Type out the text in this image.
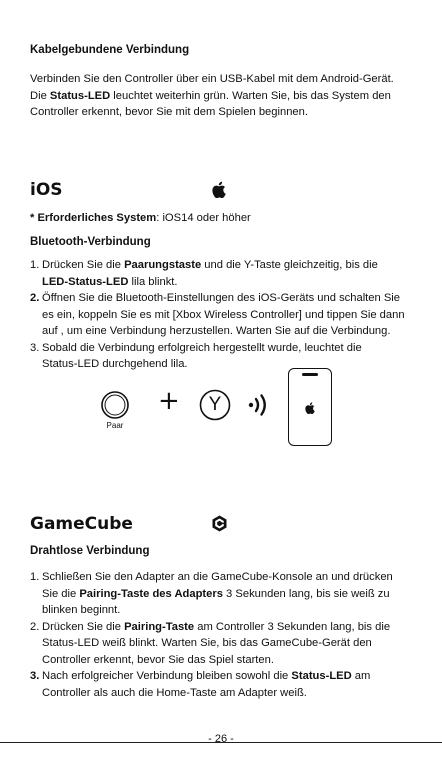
Kabelgebundene Verbindung
Verbinden Sie den Controller über ein USB-Kabel mit dem Android-Gerät.
Die Status-LED leuchtet weiterhin grün. Warten Sie, bis das System den
Controller erkennt, bevor Sie mit dem Spielen beginnen.
iOS
* Erforderliches System: iOS14 oder höher
Bluetooth-Verbindung
1. Drücken Sie die Paarungstaste und die Y-Taste gleichzeitig, bis die
LED-Status-LED lila blinkt.
2. Öffnen Sie die Bluetooth-Einstellungen des iOS-Geräts und schalten Sie
es ein, koppeln Sie es mit [Xbox Wireless Controller] und tippen Sie dann
auf , um eine Verbindung herzustellen. Warten Sie auf die Verbindung.
3. Sobald die Verbindung erfolgreich hergestellt wurde, leuchtet die
Status-LED durchgehend lila.
Paar
+	Y
GameCube
Drahtlose Verbindung
1. Schließen Sie den Adapter an die GameCube-Konsole an und drücken
Sie die Pairing-Taste des Adapters 3 Sekunden lang, bis sie weiß zu
blinken beginnt.
2. Drücken Sie die Pairing-Taste am Controller 3 Sekunden lang, bis die
Status-LED weiß blinkt. Warten Sie, bis das GameCube-Gerät den
Controller erkennt, bevor Sie das Spiel starten.
3. Nach erfolgreicher Verbindung bleiben sowohl die Status-LED am
Controller als auch die Home-Taste am Adapter weiß.
- 26 -
